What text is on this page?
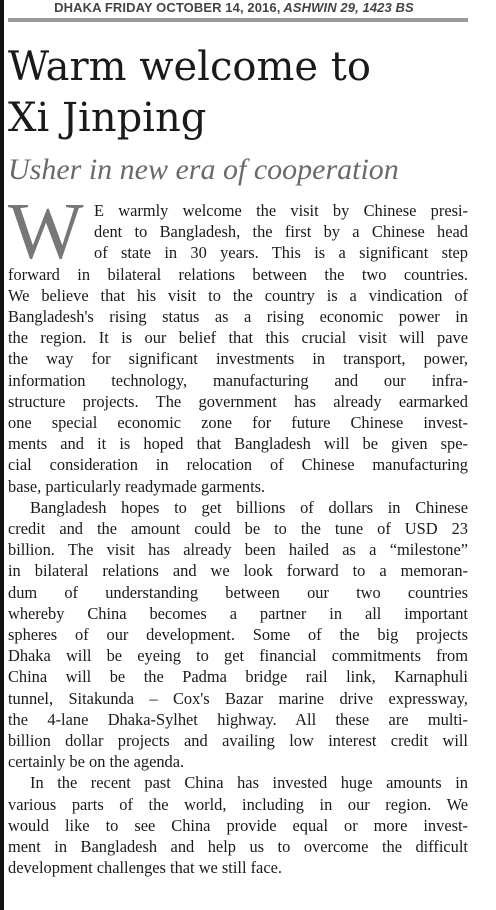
DHAKA FRIDAY OCTOBER 14, 2016, ASHWIN 29, 1423 BS
Warm welcome to
Xi Jinping
Usher in new era of cooperation
W E warmly welcome the visit by Chinese presi-
dent to Bangladesh, the first by a Chinese head
of state in 30 years. This is a significant step
forward in bilateral relations between the two countries.
We believe that his visit to the country is a vindication of
Bangladesh's rising status as a rising economic power in
the region. It is our belief that this crucial visit will pave
the way for significant investments in transport, power,
information technology, manufacturing and our infra-
structure projects. The government has already earmarked
one special economic zone for future Chinese invest-
ments and it is hoped that Bangladesh will be given spe-
cial consideration in relocation of Chinese manufacturing
base, particularly readymade garments.

Bangladesh hopes to get billions of dollars in Chinese
credit and the amount could be to the tune of USD 23
billion. The visit has already been hailed as a “milestone”
in bilateral relations and we look forward to a memoran-
dum of understanding between our two countries
whereby China becomes a partner in all important
spheres of our development. Some of the big projects
Dhaka will be eyeing to get financial commitments from
China will be the Padma bridge rail link, Karnaphuli
tunnel, Sitakunda – Cox's Bazar marine drive expressway,
the 4-lane Dhaka-Sylhet highway. All these are multi-
billion dollar projects and availing low interest credit will
certainly be on the agenda.

In the recent past China has invested huge amounts in
various parts of the world, including in our region. We
would like to see China provide equal or more invest-
ment in Bangladesh and help us to overcome the difficult
development challenges that we still face.
